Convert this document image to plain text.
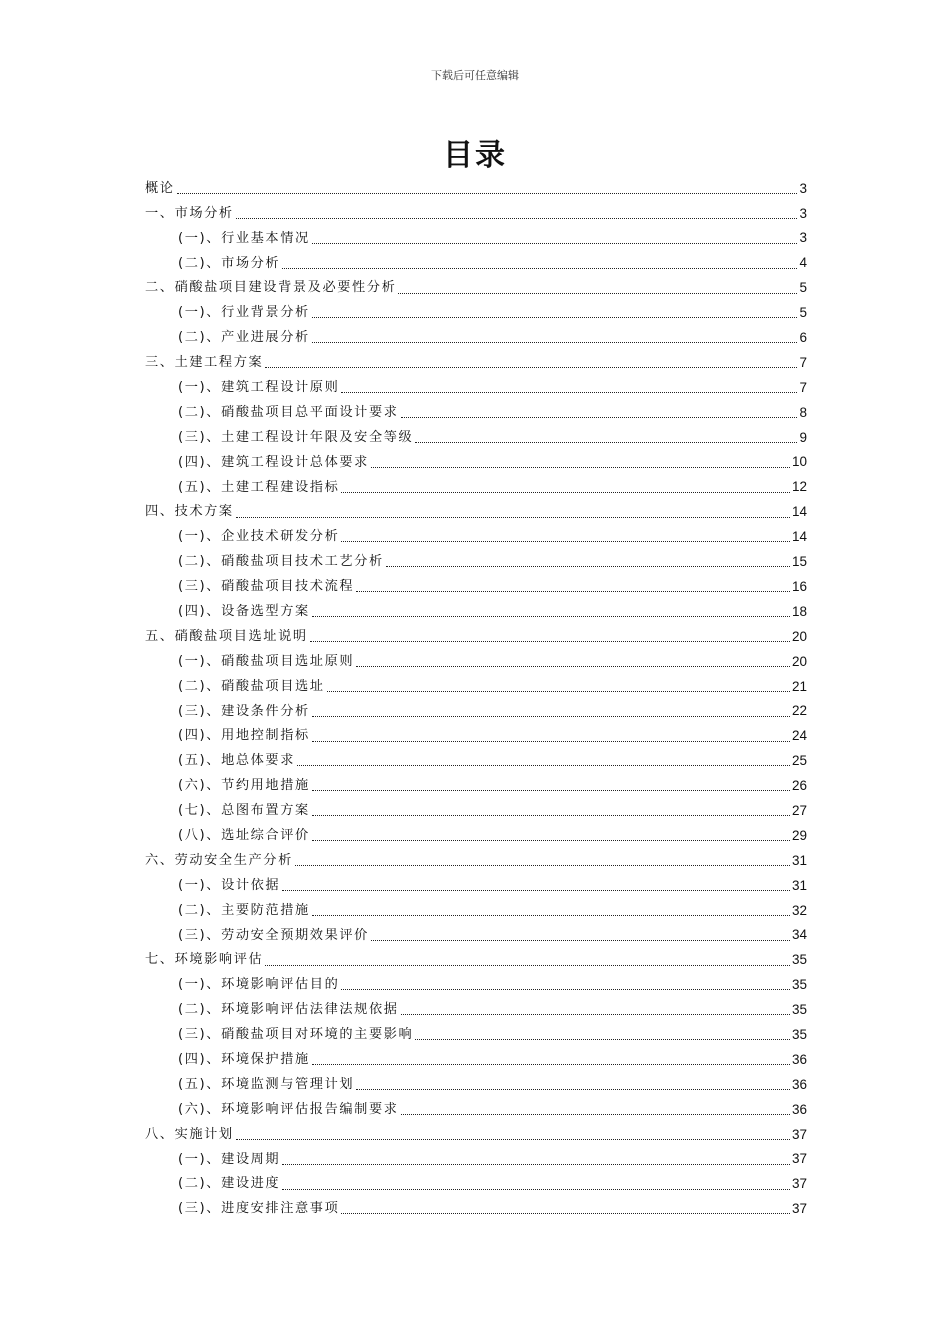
下载后可任意编辑
目录
概论	3
一、市场分析	3
(一)、行业基本情况	3
(二)、市场分析	4
二、硝酸盐项目建设背景及必要性分析	5
(一)、行业背景分析	5
(二)、产业进展分析	6
三、土建工程方案	7
(一)、建筑工程设计原则	7
(二)、硝酸盐项目总平面设计要求	8
(三)、土建工程设计年限及安全等级	9
(四)、建筑工程设计总体要求	10
(五)、土建工程建设指标	12
四、技术方案	14
(一)、企业技术研发分析	14
(二)、硝酸盐项目技术工艺分析	15
(三)、硝酸盐项目技术流程	16
(四)、设备选型方案	18
五、硝酸盐项目选址说明	20
(一)、硝酸盐项目选址原则	20
(二)、硝酸盐项目选址	21
(三)、建设条件分析	22
(四)、用地控制指标	24
(五)、地总体要求	25
(六)、节约用地措施	26
(七)、总图布置方案	27
(八)、选址综合评价	29
六、劳动安全生产分析	31
(一)、设计依据	31
(二)、主要防范措施	32
(三)、劳动安全预期效果评价	34
七、环境影响评估	35
(一)、环境影响评估目的	35
(二)、环境影响评估法律法规依据	35
(三)、硝酸盐项目对环境的主要影响	35
(四)、环境保护措施	36
(五)、环境监测与管理计划	36
(六)、环境影响评估报告编制要求	36
八、实施计划	37
(一)、建设周期	37
(二)、建设进度	37
(三)、进度安排注意事项	37
